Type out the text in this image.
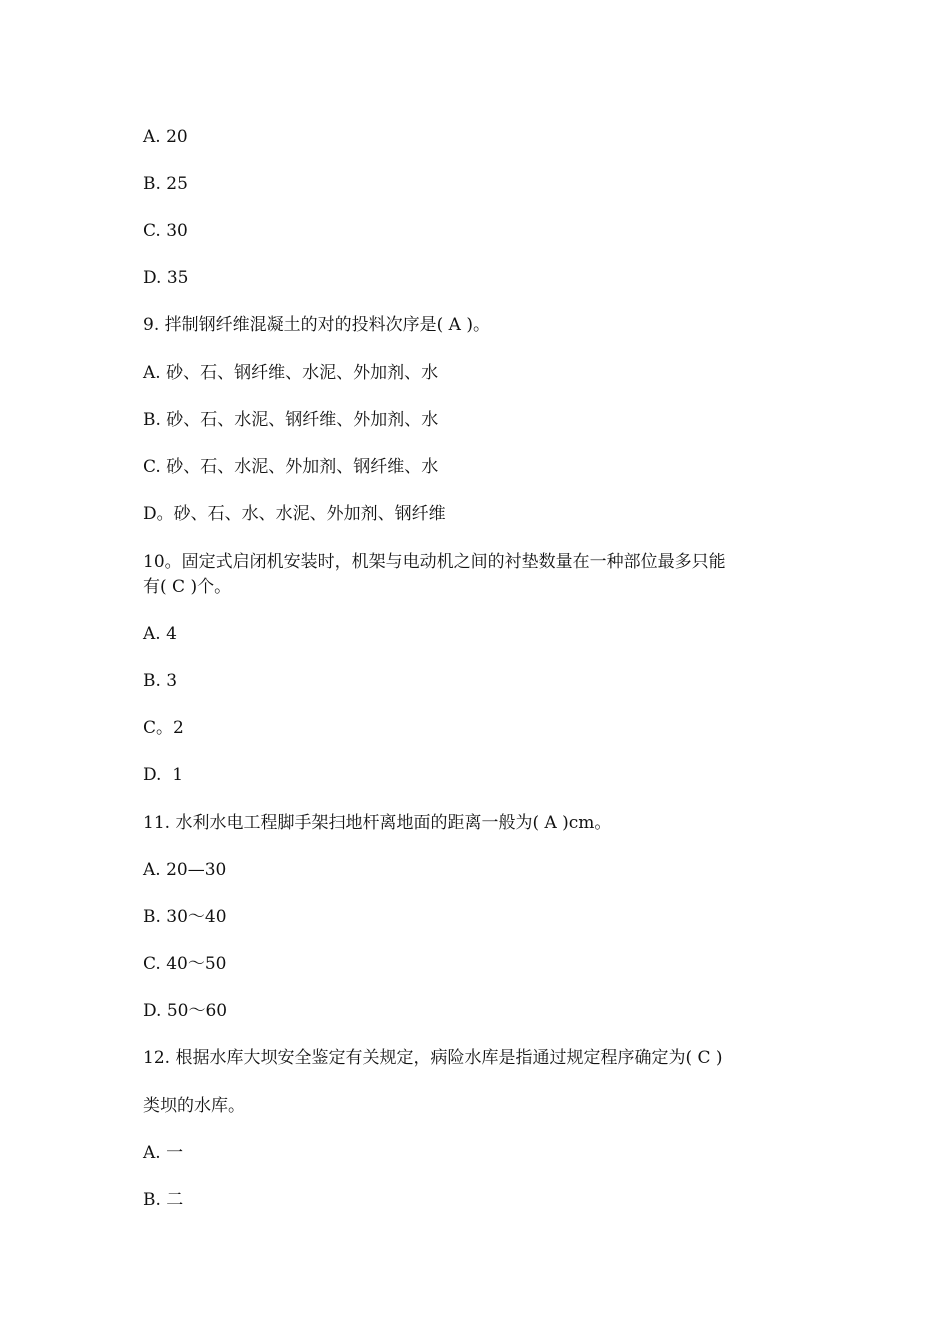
A. 20
B. 25
C. 30
D. 35
9. 拌制钢纤维混凝土的对的投料次序是( A )。
A. 砂、石、钢纤维、水泥、外加剂、水
B. 砂、石、水泥、钢纤维、外加剂、水
C. 砂、石、水泥、外加剂、钢纤维、水
D。砂、石、水、水泥、外加剂、钢纤维
10。固定式启闭机安装时，机架与电动机之间的衬垫数量在一种部位最多只能
有( C )个。
A. 4
B. 3
C。2
D.  1
11. 水利水电工程脚手架扫地杆离地面的距离一般为( A )cm。
A. 20—30
B. 30～40
C. 40～50
D. 50～60
12. 根据水库大坝安全鉴定有关规定，病险水库是指通过规定程序确定为( C )
类坝的水库。
A. 一
B. 二
